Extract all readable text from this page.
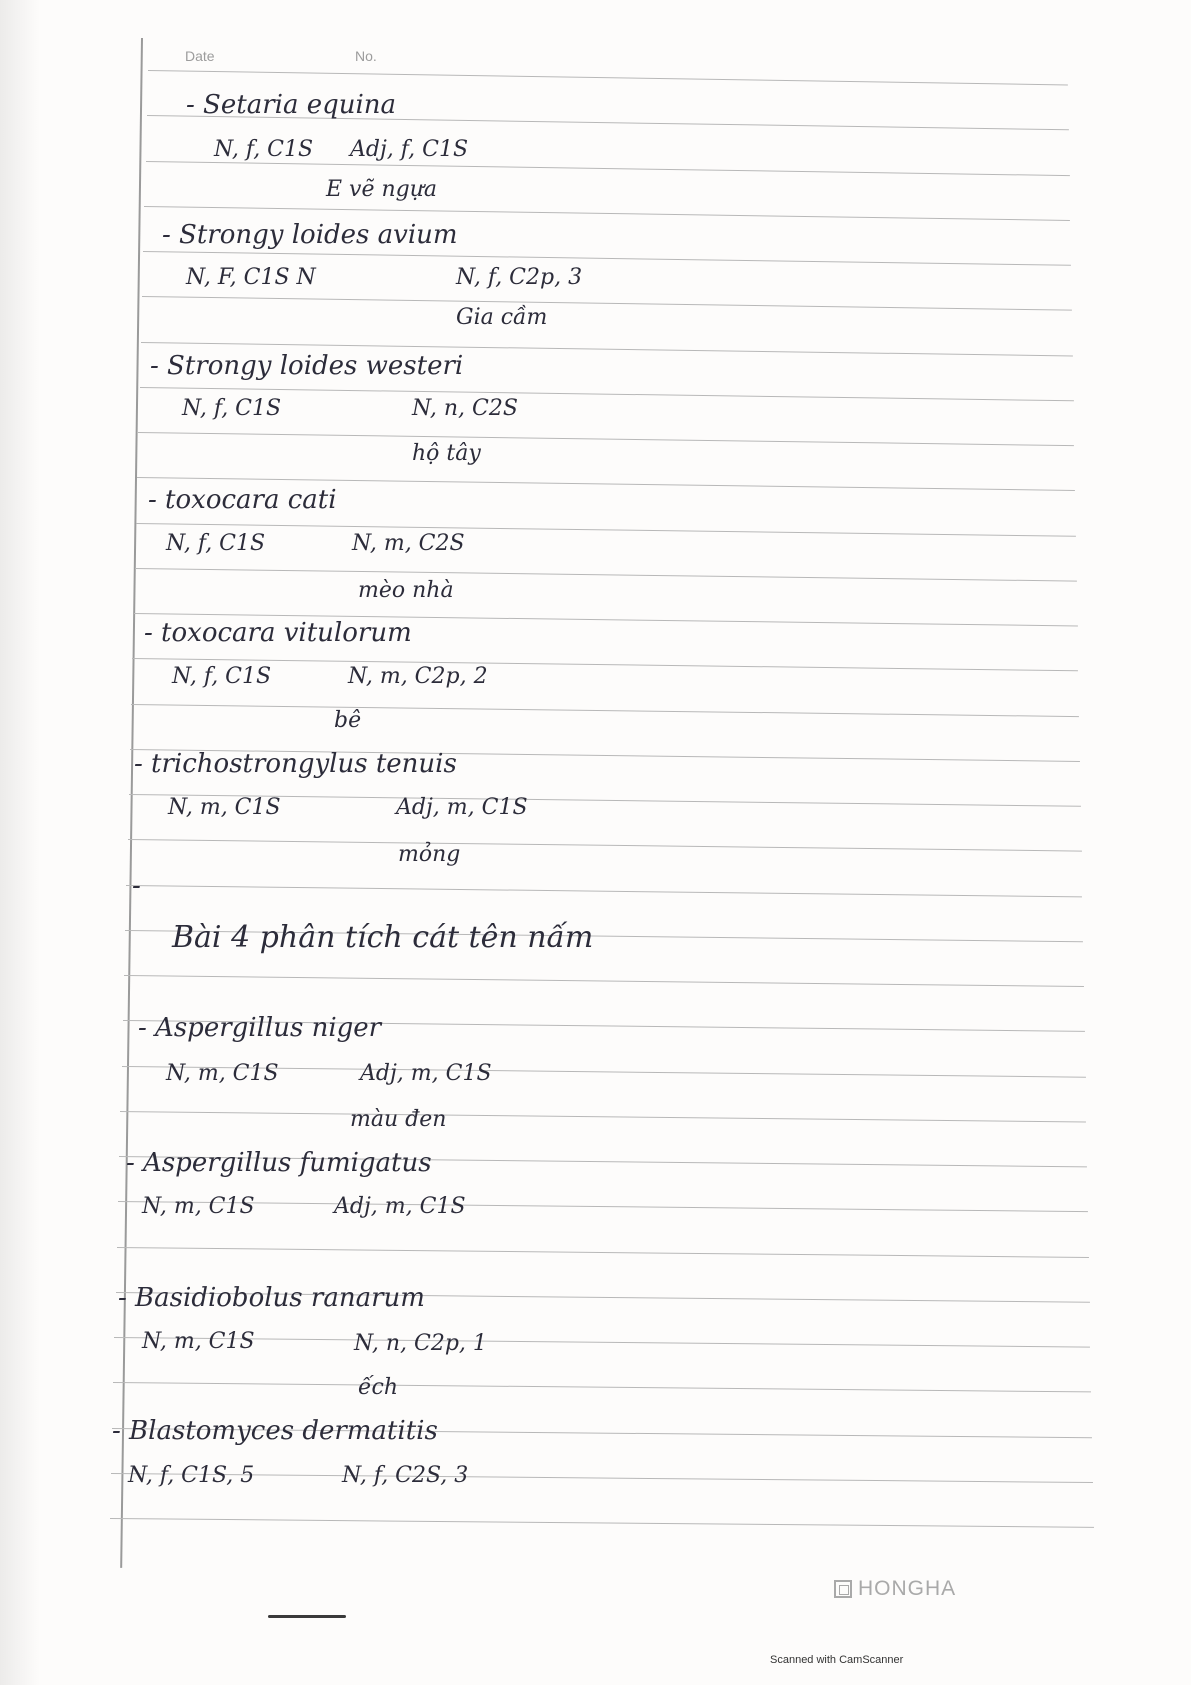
Date	No.
- Setaria equina
N, f, C1S Adj, f, C1S
E vẽ ngựa
- Strongy loides avium
N, F, C1S N	N, f, C2p, 3
Gia cầm
- Strongy loides westeri
N, f, C1S	N, n, C2S
hộ tây
- toxocara cati
N, f, C1S	N, m, C2S
mèo nhà
- toxocara vitulorum
N, f, C1S	N, m, C2p, 2
bê
- trichostrongylus tenuis
N, m, C1S	Adj, m, C1S
mỏng
-
Bài 4 phân tích cát tên nấm
- Aspergillus niger
N, m, C1S	Adj, m, C1S
màu đen
- Aspergillus fumigatus
N, m, C1S	Adj, m, C1S
- Basidiobolus ranarum
N, m, C1S	N, n, C2p, 1
ếch
- Blastomyces dermatitis
N, f, C1S, 5	N, f, C2S, 3
HONGHA
Scanned with CamScanner
